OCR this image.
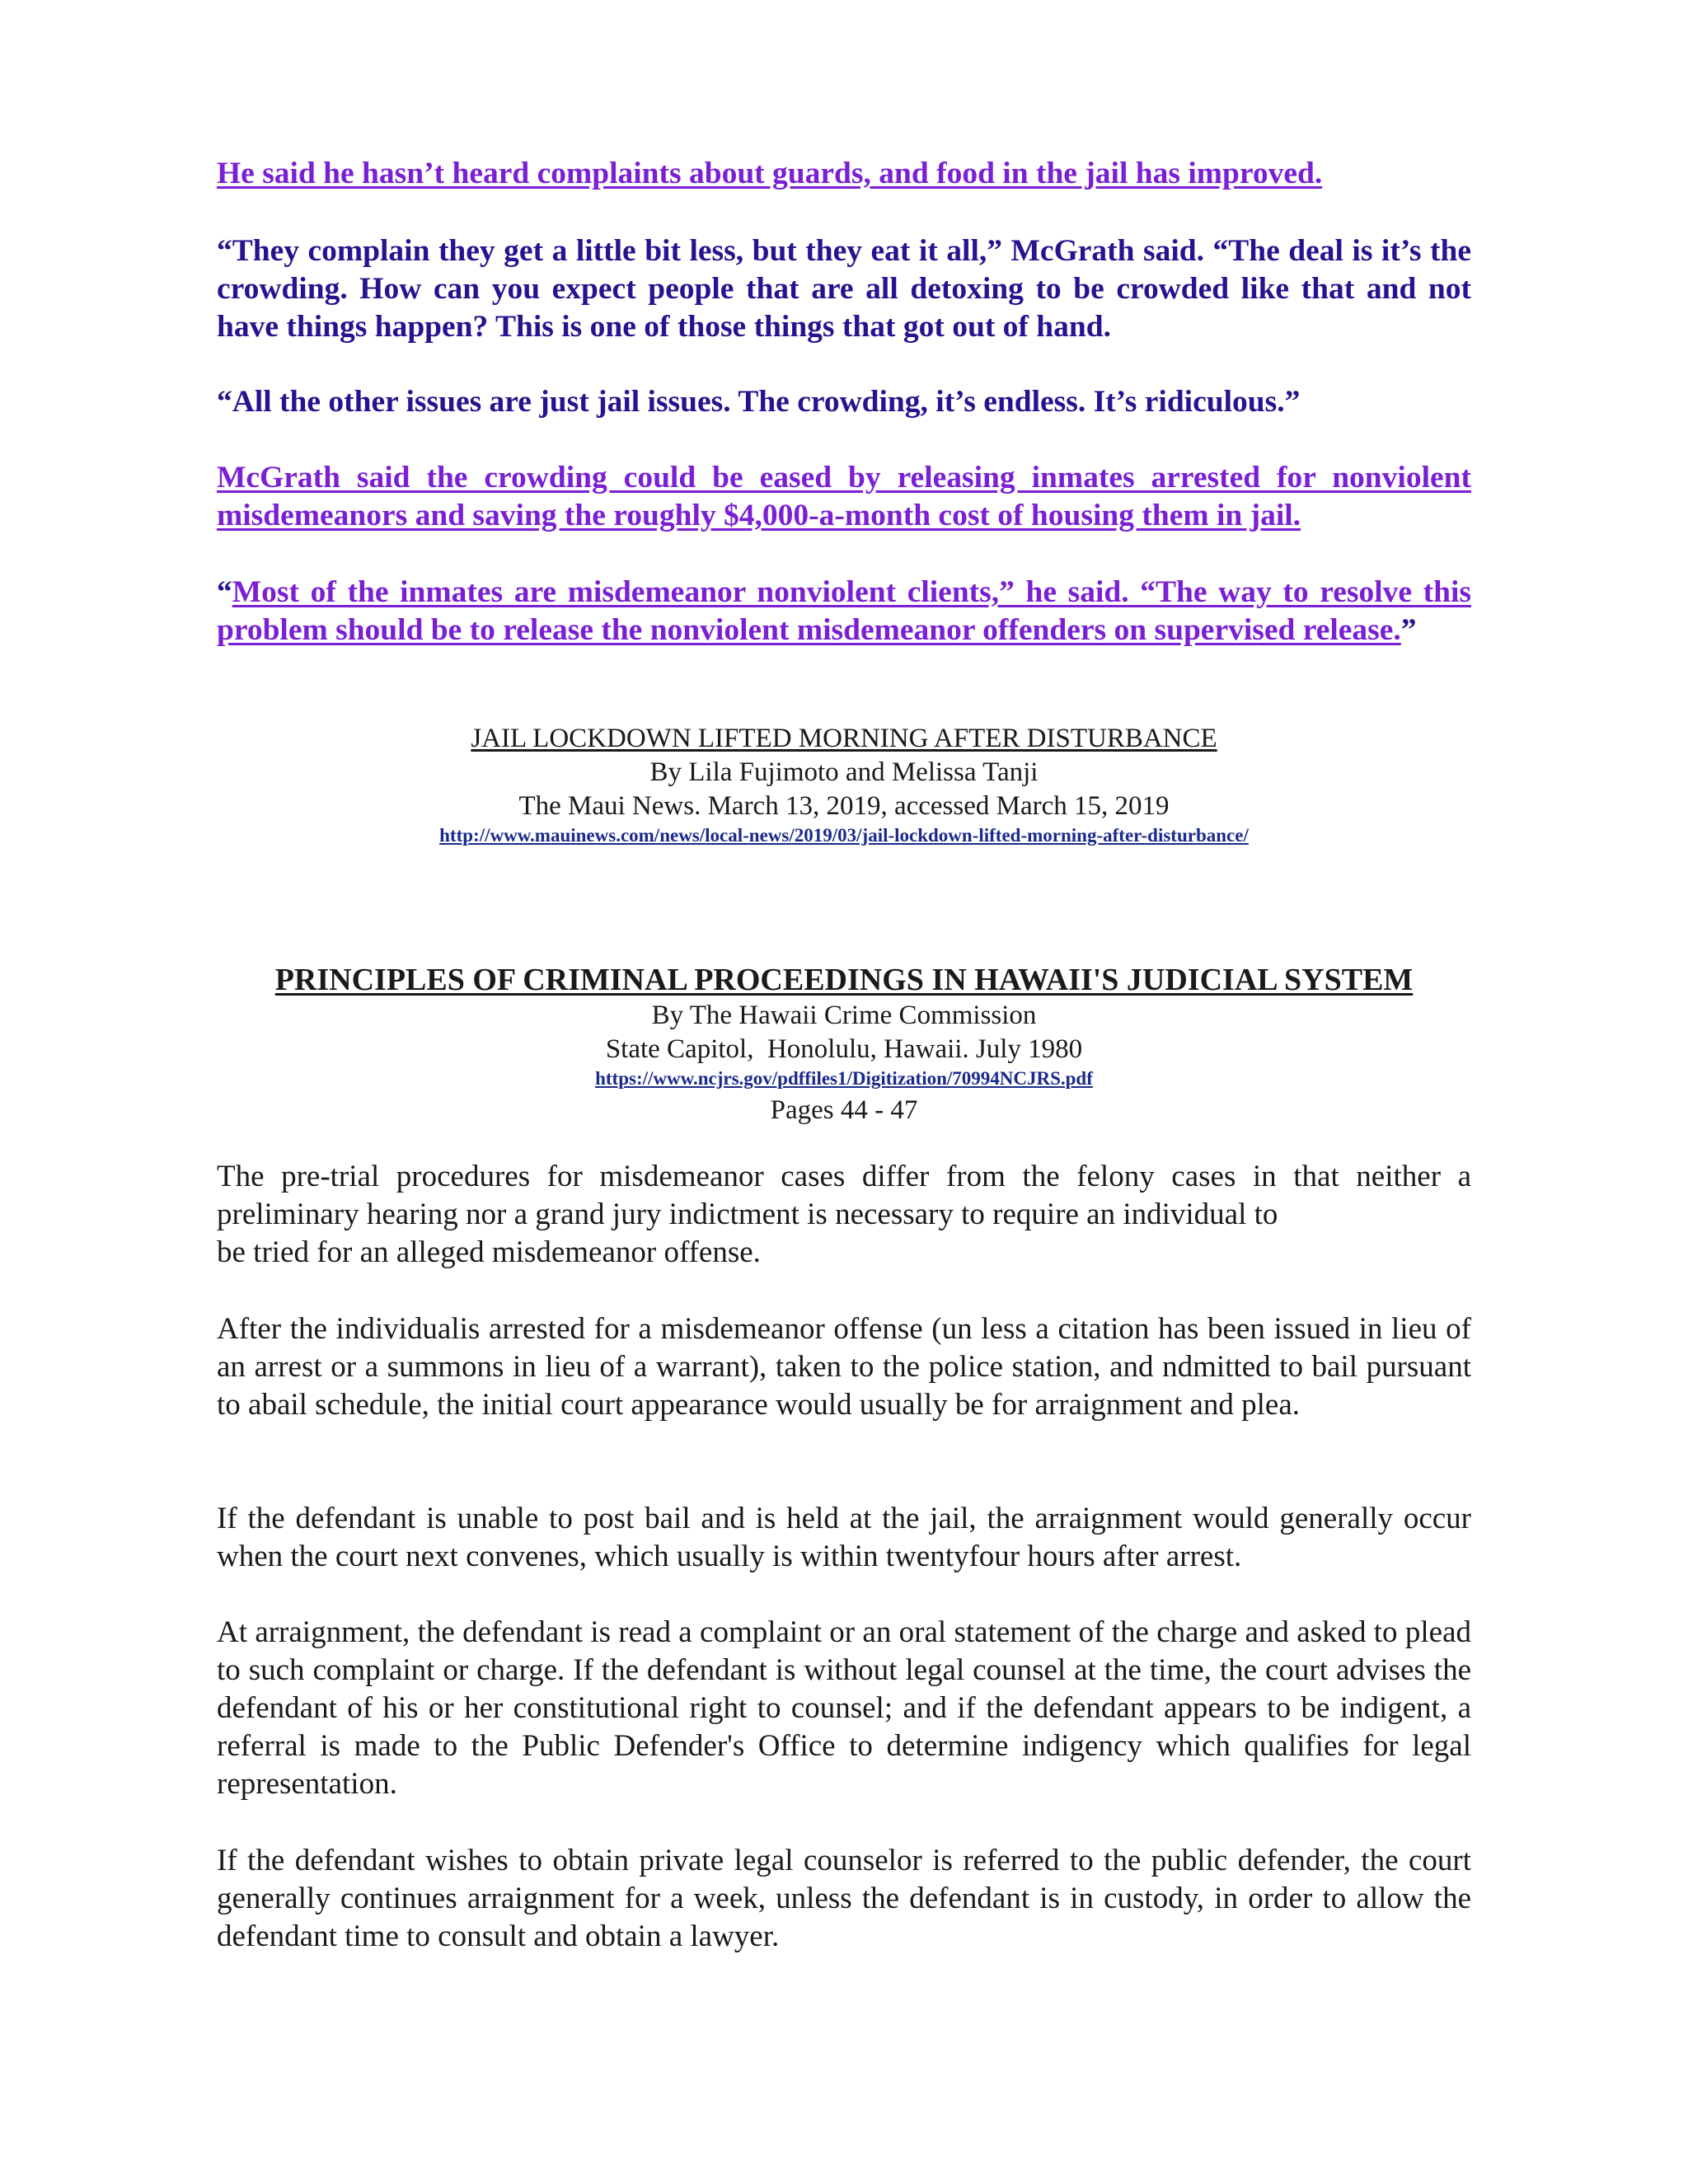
He said he hasn’t heard complaints about guards, and food in the jail has improved.

“They complain they get a little bit less, but they eat it all,” McGrath said. “The deal is it’s the crowding. How can you expect people that are all detoxing to be crowded like that and not have things happen? This is one of those things that got out of hand.

“All the other issues are just jail issues. The crowding, it’s endless. It’s ridiculous.”

McGrath said the crowding could be eased by releasing inmates arrested for nonviolent misdemeanors and saving the roughly $4,000-a-month cost of housing them in jail.

“Most of the inmates are misdemeanor nonviolent clients,” he said. “The way to resolve this problem should be to release the nonviolent misdemeanor offenders on supervised release.”

JAIL LOCKDOWN LIFTED MORNING AFTER DISTURBANCE

By Lila Fujimoto and Melissa Tanji

The Maui News. March 13, 2019, accessed March 15, 2019

http://www.mauinews.com/news/local-news/2019/03/jail-lockdown-lifted-morning-after-disturbance/

PRINCIPLES OF CRIMINAL PROCEEDINGS IN HAWAII'S JUDICIAL SYSTEM

By The Hawaii Crime Commission

State Capitol,  Honolulu, Hawaii. July 1980

https://www.ncjrs.gov/pdffiles1/Digitization/70994NCJRS.pdf

Pages 44 - 47

The pre-trial procedures for misdemeanor cases differ from the felony cases in that neither a

preliminary hearing nor a grand jury indictment is necessary to require an individual to

be tried for an alleged misdemeanor offense.

After the individualis arrested for a misdemeanor offense (un less a citation has been issued in lieu of an arrest or a summons in lieu of a warrant), taken to the police station, and ndmitted to bail pursuant to abail schedule, the initial court appearance would usually be for arraignment and plea.

If the defendant is unable to post bail and is held at the jail, the arraignment would generally occur when the court next convenes, which usually is within twentyfour hours after arrest.

At arraignment, the defendant is read a complaint or an oral statement of the charge and asked to plead to such complaint or charge. If the defendant is without legal counsel at the time, the court advises the defendant of his or her constitutional right to counsel; and if the defendant appears to be indigent, a referral is made to the Public Defender's Office to determine indigency which qualifies for legal representation.

If the defendant wishes to obtain private legal counselor is referred to the public defender, the court generally continues arraignment for a week, unless the defendant is in custody, in order to allow the defendant time to consult and obtain a lawyer.
